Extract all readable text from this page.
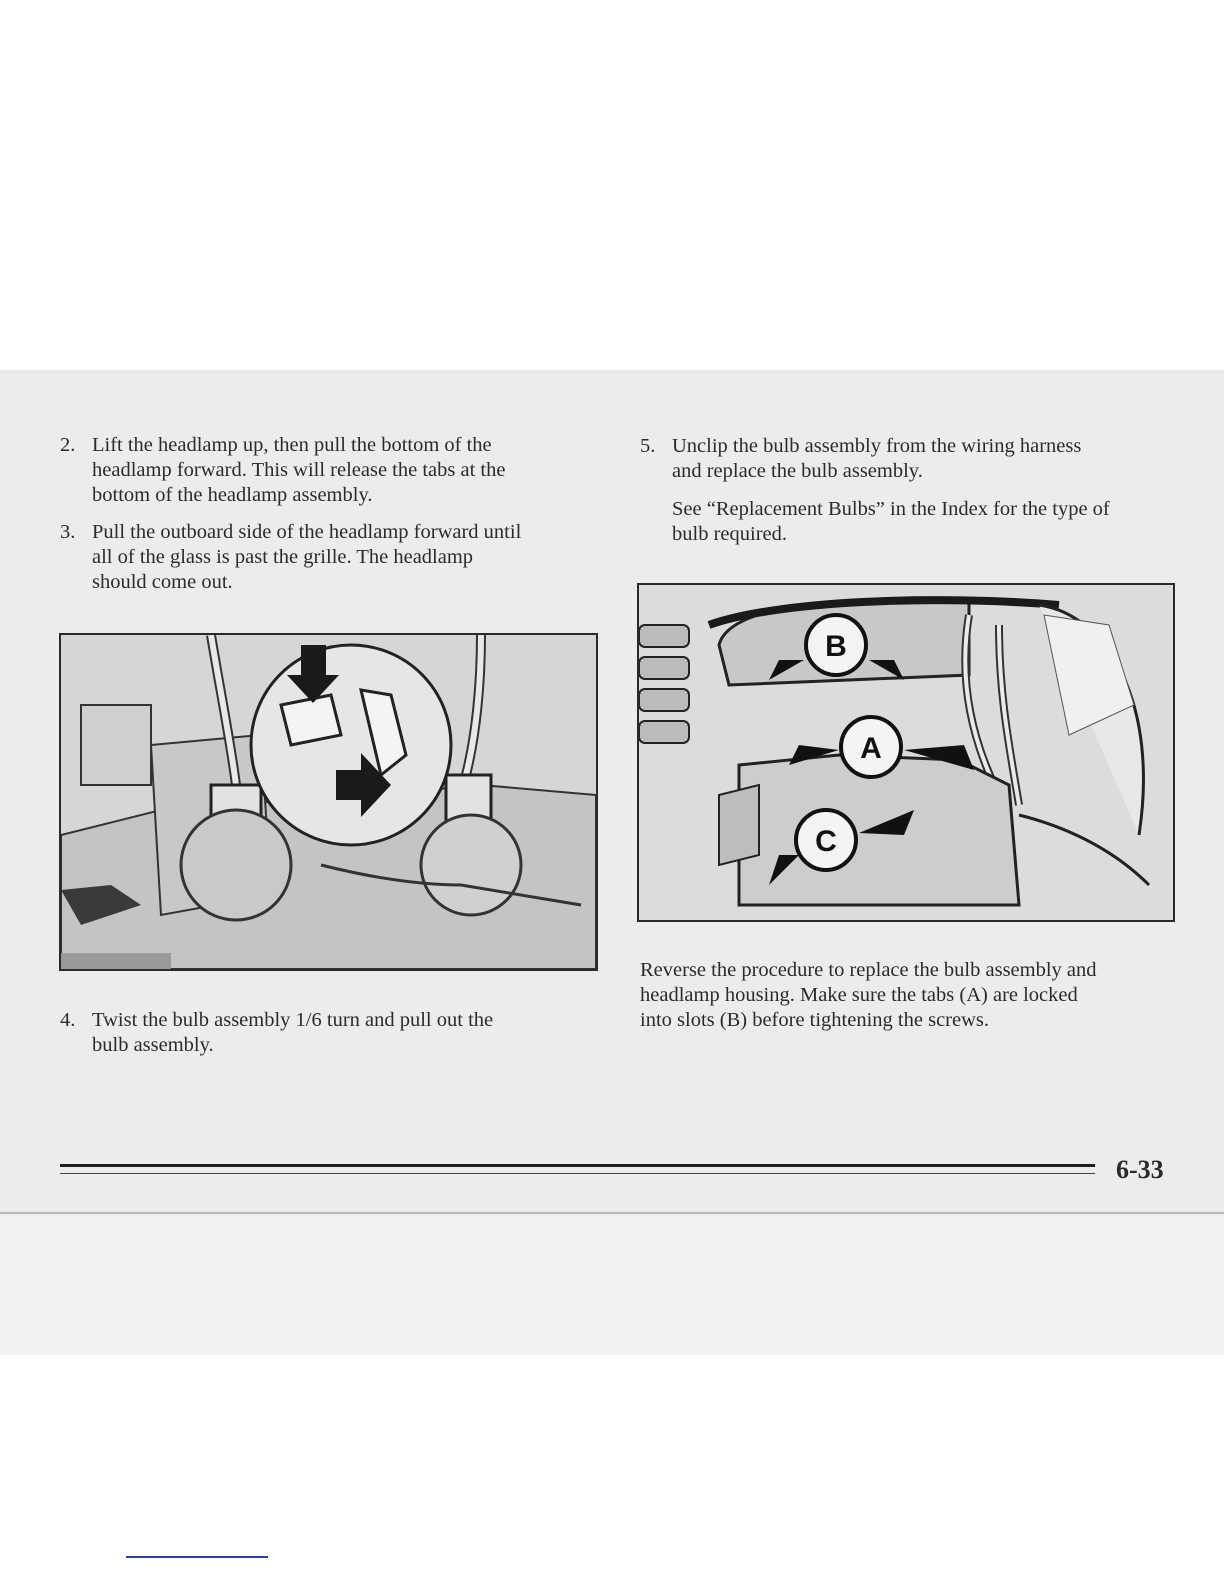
2. Lift the headlamp up, then pull the bottom of the
headlamp forward. This will release the tabs at the
bottom of the headlamp assembly.
3. Pull the outboard side of the headlamp forward until
all of the glass is past the grille. The headlamp
should come out.
4. Twist the bulb assembly 1/6 turn and pull out the
bulb assembly.
5. Unclip the bulb assembly from the wiring harness
and replace the bulb assembly.
See “Replacement Bulbs” in the Index for the type of
bulb required.
B
A
C
Reverse the procedure to replace the bulb assembly and
headlamp housing. Make sure the tabs (A) are locked
into slots (B) before tightening the screws.
6-33
